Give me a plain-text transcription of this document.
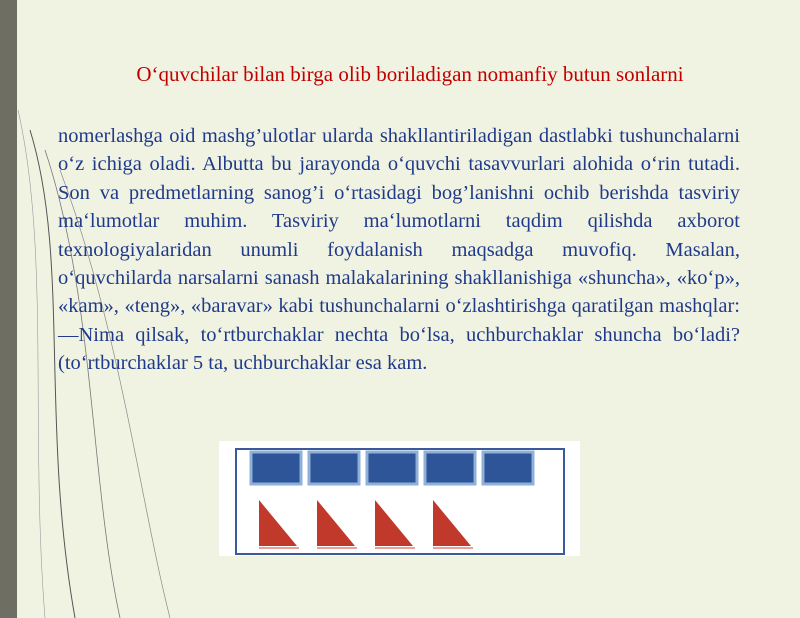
O‘quvchilar bilan birga olib boriladigan nomanfiy butun sonlarni

nomerlashga oid mashg’ulotlar ularda shakllantiriladigan dastlabki tushunchalarni o‘z ichiga oladi. Albutta bu jarayonda o‘quvchi tasavvurlari alohida o‘rin tutadi. Son va predmetlarning sanog’i o‘rtasidagi bog’lanishni ochib berishda tasviriy ma‘lumotlar muhim. Tasviriy ma‘lumotlarni taqdim qilishda axborot texnologiyalaridan unumli foydalanish maqsadga muvofiq. Masalan, o‘quvchilarda narsalarni sanash malakalarining shakllanishiga «shuncha», «ko‘p», «kam», «teng», «baravar» kabi tushunchalarni o‘zlashtirishga qaratilgan mashqlar: —Nima qilsak, to‘rtburchaklar nechta bo‘lsa, uchburchaklar shuncha bo‘ladi? (to‘rtburchaklar 5 ta, uchburchaklar esa kam.
